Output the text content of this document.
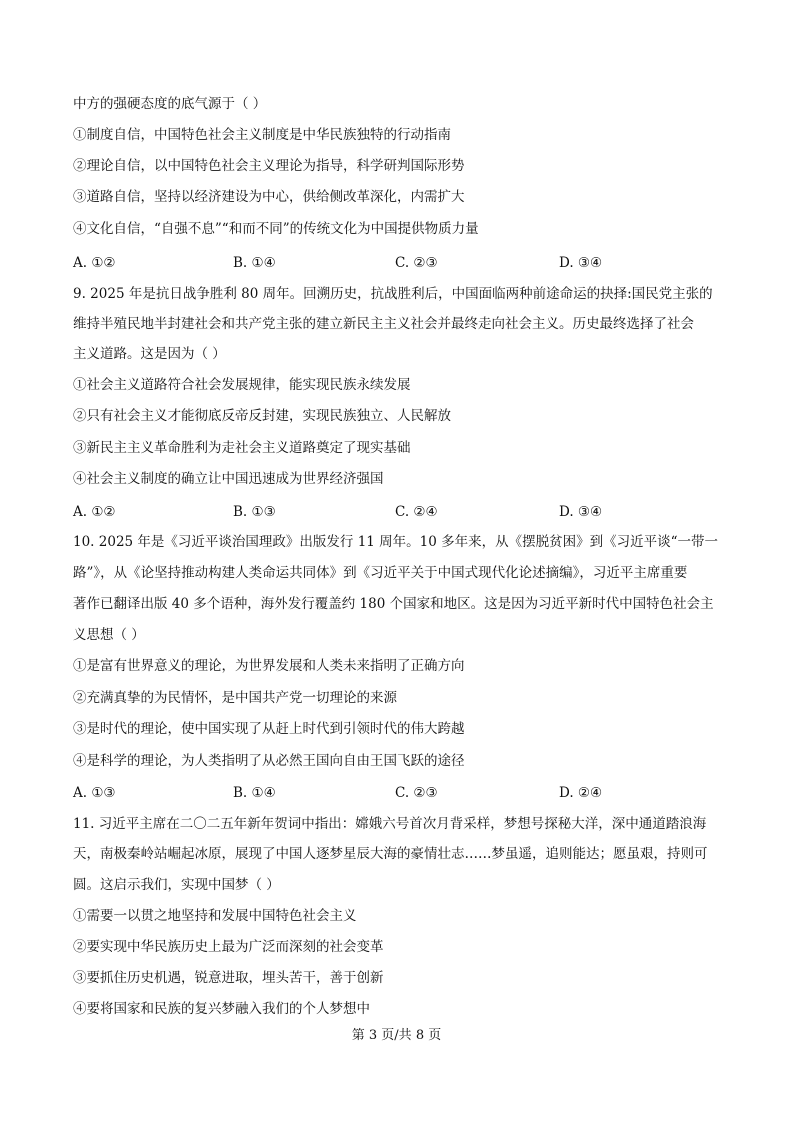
中方的强硬态度的底气源于（ ）
①制度自信，中国特色社会主义制度是中华民族独特的行动指南
②理论自信，以中国特色社会主义理论为指导，科学研判国际形势
③道路自信，坚持以经济建设为中心，供给侧改革深化，内需扩大
④文化自信，“自强不息”“和而不同”的传统文化为中国提供物质力量
A. ①②	B. ①④	C. ②③	D. ③④
9. 2025 年是抗日战争胜利 80 周年。回溯历史，抗战胜利后，中国面临两种前途命运的抉择:国民党主张的
维持半殖民地半封建社会和共产党主张的建立新民主主义社会并最终走向社会主义。历史最终选择了社会
主义道路。这是因为（ ）
①社会主义道路符合社会发展规律，能实现民族永续发展
②只有社会主义才能彻底反帝反封建，实现民族独立、人民解放
③新民主主义革命胜利为走社会主义道路奠定了现实基础
④社会主义制度的确立让中国迅速成为世界经济强国
A. ①②	B. ①③	C. ②④	D. ③④
10. 2025 年是《习近平谈治国理政》出版发行 11 周年。10 多年来，从《摆脱贫困》到《习近平谈“一带一
路”》，从《论坚持推动构建人类命运共同体》到《习近平关于中国式现代化论述摘编》，习近平主席重要
著作已翻译出版 40 多个语种，海外发行覆盖约 180 个国家和地区。这是因为习近平新时代中国特色社会主
义思想（ ）
①是富有世界意义的理论，为世界发展和人类未来指明了正确方向
②充满真挚的为民情怀，是中国共产党一切理论的来源
③是时代的理论，使中国实现了从赶上时代到引领时代的伟大跨越
④是科学的理论，为人类指明了从必然王国向自由王国飞跃的途径
A. ①③	B. ①④	C. ②③	D. ②④
11. 习近平主席在二〇二五年新年贺词中指出：嫦娥六号首次月背采样，梦想号探秘大洋，深中通道踏浪海
天，南极秦岭站崛起冰原，展现了中国人逐梦星辰大海的豪情壮志……梦虽遥，追则能达；愿虽艰，持则可
圆。这启示我们，实现中国梦（ ）
①需要一以贯之地坚持和发展中国特色社会主义
②要实现中华民族历史上最为广泛而深刻的社会变革
③要抓住历史机遇，锐意进取，埋头苦干，善于创新
④要将国家和民族的复兴梦融入我们的个人梦想中
第 3 页/共 8 页
